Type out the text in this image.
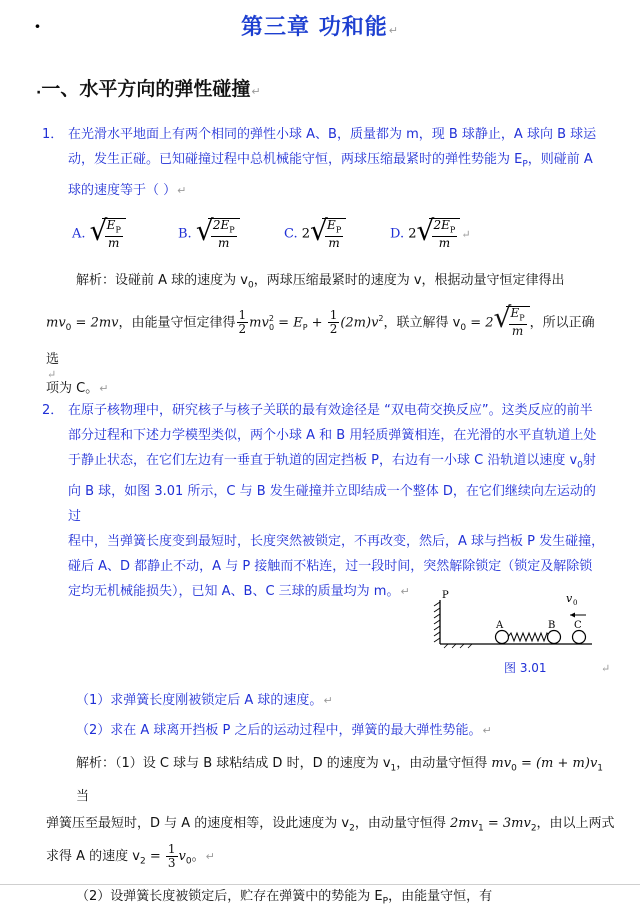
·	第三章 功和能↵
·一、水平方向的弹性碰撞↵
1． 在光滑水平地面上有两个相同的弹性小球 A、B，质量都为 m，现 B 球静止，A 球向 B 球运
动，发生正碰。已知碰撞过程中总机械能守恒，两球压缩最紧时的弹性势能为 $E_P$，则碰前 A
球的速度等于（ ）↵
A. √ $\frac{E_P}{m}$	B. √ $\frac{2E_P}{m}$	C. 2 √ $\frac{E_P}{m}$	D. 2 √ $\frac{2E_P}{m}$ ↵
解析：设碰前 A 球的速度为 $v_0$，两球压缩最紧时的速度为 v，根据动量守恒定律得出
$mv_0 = 2mv$，由能量守恒定律得 $\frac{1}{2} mv^2_0 = E_P + \frac{1}{2} (2m)v^2$，联立解得 $v_0 = 2$ √ $\frac{E_P}{m}$ ，所以正确选
项为 C。↵
↵
2． 在原子核物理中，研究核子与核子关联的最有效途径是 “双电荷交换反应”。这类反应的前半
部分过程和下述力学模型类似，两个小球 A 和 B 用轻质弹簧相连，在光滑的水平直轨道上处
于静止状态，在它们左边有一垂直于轨道的固定挡板 P，右边有一小球 C 沿轨道以速度 $v_0$射
向 B 球，如图 3.01 所示，C 与 B 发生碰撞并立即结成一个整体 D，在它们继续向左运动的过
程中，当弹簧长度变到最短时，长度突然被锁定，不再改变，然后，A 球与挡板 P 发生碰撞，
碰后 A、D 都静止不动，A 与 P 接触而不粘连，过一段时间，突然解除锁定（锁定及解除锁
定均无机械能损失），已知 A、B、C 三球的质量均为 m。↵	P	v 0
A	B C
图 3.01	↵
（1）求弹簧长度刚被锁定后 A 球的速度。↵
（2）求在 A 球离开挡板 P 之后的运动过程中，弹簧的最大弹性势能。↵
解析：（1）设 C 球与 B 球粘结成 D 时，D 的速度为 $v_1$，由动量守恒得 $mv_0 = (m + m)v_1$当
弹簧压至最短时，D 与 A 的速度相等，设此速度为 $v_2$，由动量守恒得 $2mv_1 = 3mv_2$，由以上两式
求得 A 的速度 $v_2 = \frac{1}{3} v_0$。↵
（2）设弹簧长度被锁定后，贮存在弹簧中的势能为 $E_P$，由能量守恒，有
